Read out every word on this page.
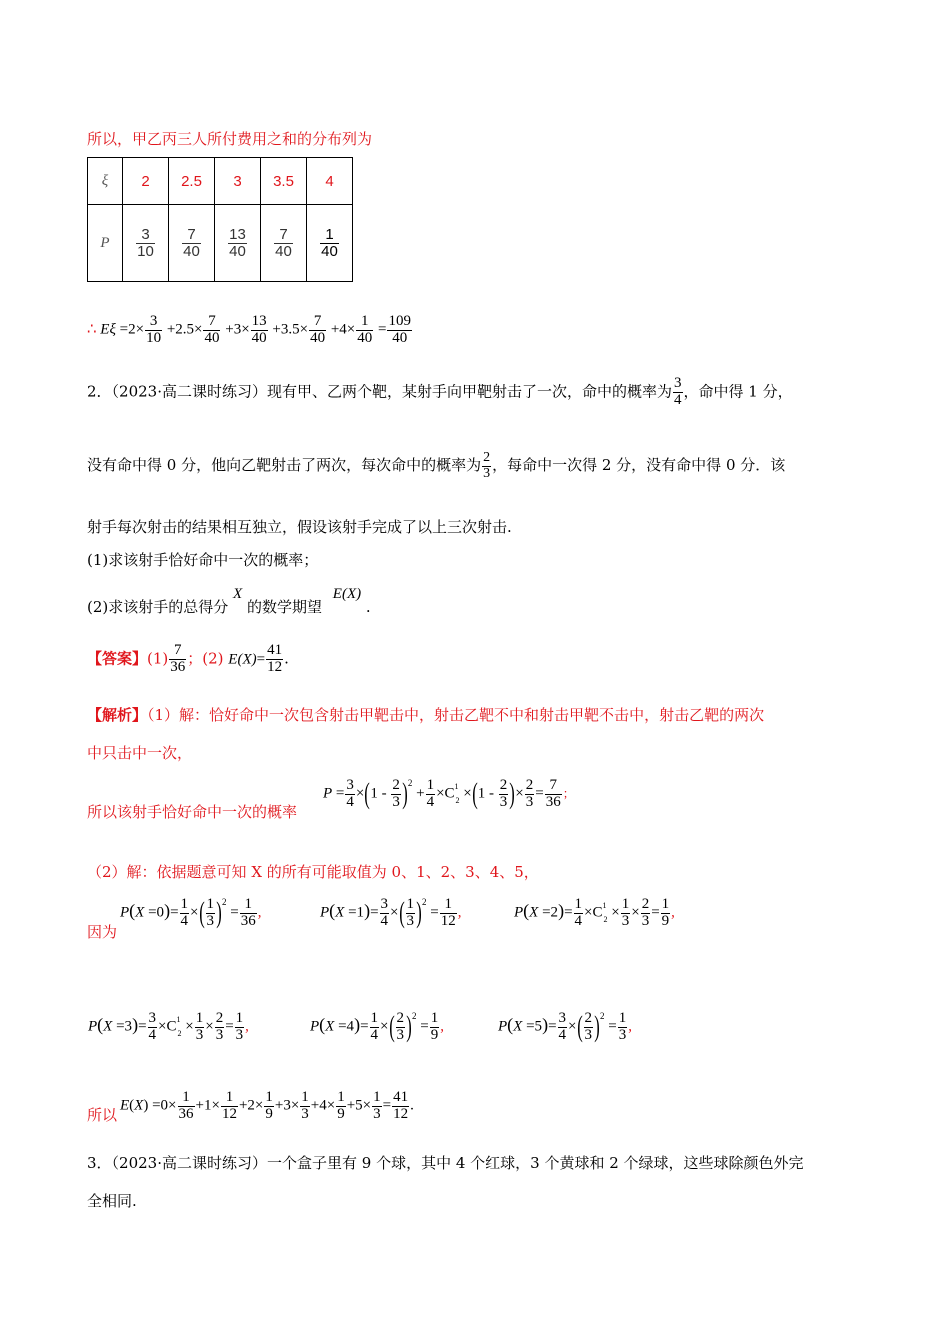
所以，甲乙丙三人所付费用之和的分布列为
ξ	2	2.5	3	3.5	4
P	$\frac{3}{10}$	$\frac{7}{40}$	$\frac{13}{40}$	$\frac{7}{40}$	$\frac{1}{40}$
∴ $E\xi =2\times \frac{3}{10} +2.5\times \frac{7}{40} +3\times \frac{13}{40} +3.5\times \frac{7}{40} +4\times \frac{1}{40} = \frac{109}{40}$
2．（2023·高二课时练习）现有甲、乙两个靶，某射手向甲靶射击了一次，命中的概率为 $\frac{3}{4}$ ，命中得 1 分，
没有命中得 0 分，他向乙靶射击了两次，每次命中的概率为 $\frac{2}{3}$ ，每命中一次得 2 分，没有命中得 0 分．该
射手每次射击的结果相互独立，假设该射手完成了以上三次射击.
(1)求该射手恰好命中一次的概率；
(2)求该射手的总得分 X 的数学期望 E(X) .
【答案】$(1) \frac{7}{36}$ ；(2) $E(X)= \frac{41}{12}$ .
【解析】（1）解：恰好命中一次包含射击甲靶击中，射击乙靶不中和射击甲靶不击中，射击乙靶的两次
中只击中一次，
所以该射手恰好命中一次的概率
$P = \frac{3}{4} \times(1 - \frac{2}{3} )^2 + \frac{1}{4} \times C^1_2 \times(1 - \frac{2}{3}$ )× $\frac{2}{3} = \frac{7}{36}$ ；
（2）解：依据题意可知 X 的所有可能取值为 0、1、2、3、4、5，
因为
$P(X =0)= \frac{1}{4}$ ×( $\frac{1}{3} )^2 = \frac{1}{36}$ ,	$P(X =1)= \frac{3}{4}$ ×( $\frac{1}{3} )^2 = \frac{1}{12}$ ,	$P(X =2)= \frac{1}{4} \times C^1_2 \times \frac{1}{3} \times \frac{2}{3} = \frac{1}{9}$ ,
$P(X =3)= \frac{3}{4} \times C^1_2 \times \frac{1}{3} \times \frac{2}{3} = \frac{1}{3}$ ,	$P(X =4)= \frac{1}{4}$ ×( $\frac{2}{3} )^2 = \frac{1}{9}$ ,	$P(X =5)= \frac{3}{4}$ ×( $\frac{2}{3} )^2 = \frac{1}{3}$ ,
所以
$E(X) =0\times \frac{1}{36} +1\times \frac{1}{12} +2\times \frac{1}{9} +3\times \frac{1}{3} +4\times \frac{1}{9} +5\times \frac{1}{3} = \frac{41}{12}$ .
3．（2023·高二课时练习）一个盒子里有 9 个球，其中 4 个红球，3 个黄球和 2 个绿球，这些球除颜色外完
全相同.
